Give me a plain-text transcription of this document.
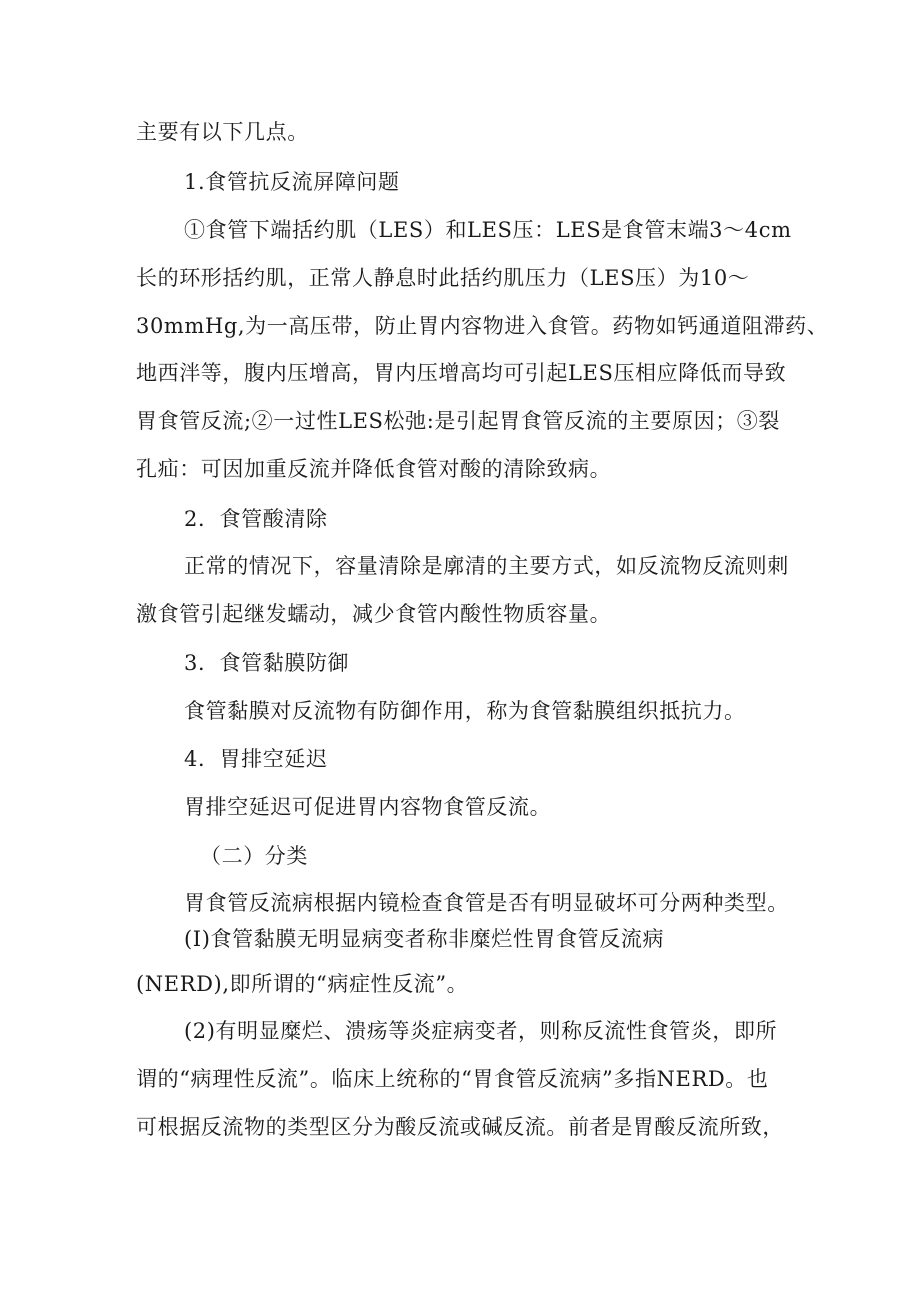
主要有以下几点。
1.食管抗反流屏障问题
①食管下端括约肌（LES）和LES压：LES是食管末端3～4cm
长的环形括约肌，正常人静息时此括约肌压力（LES压）为10～
30mmHg,为一高压带，防止胃内容物进入食管。药物如钙通道阻滞药、
地西泮等，腹内压增高，胃内压增高均可引起LES压相应降低而导致
胃食管反流;②一过性LES松弛:是引起胃食管反流的主要原因；③裂
孔疝：可因加重反流并降低食管对酸的清除致病。
2．食管酸清除
正常的情况下，容量清除是廓清的主要方式，如反流物反流则刺
激食管引起继发蠕动，减少食管内酸性物质容量。
3．食管黏膜防御
食管黏膜对反流物有防御作用，称为食管黏膜组织抵抗力。
4．胃排空延迟
胃排空延迟可促进胃内容物食管反流。
（二）分类
胃食管反流病根据内镜检查食管是否有明显破坏可分两种类型。
(I)食管黏膜无明显病变者称非糜烂性胃食管反流病
(NERD),即所谓的“病症性反流”。
(2)有明显糜烂、溃疡等炎症病变者，则称反流性食管炎，即所
谓的“病理性反流”。临床上统称的“胃食管反流病”多指NERD。也
可根据反流物的类型区分为酸反流或碱反流。前者是胃酸反流所致，
